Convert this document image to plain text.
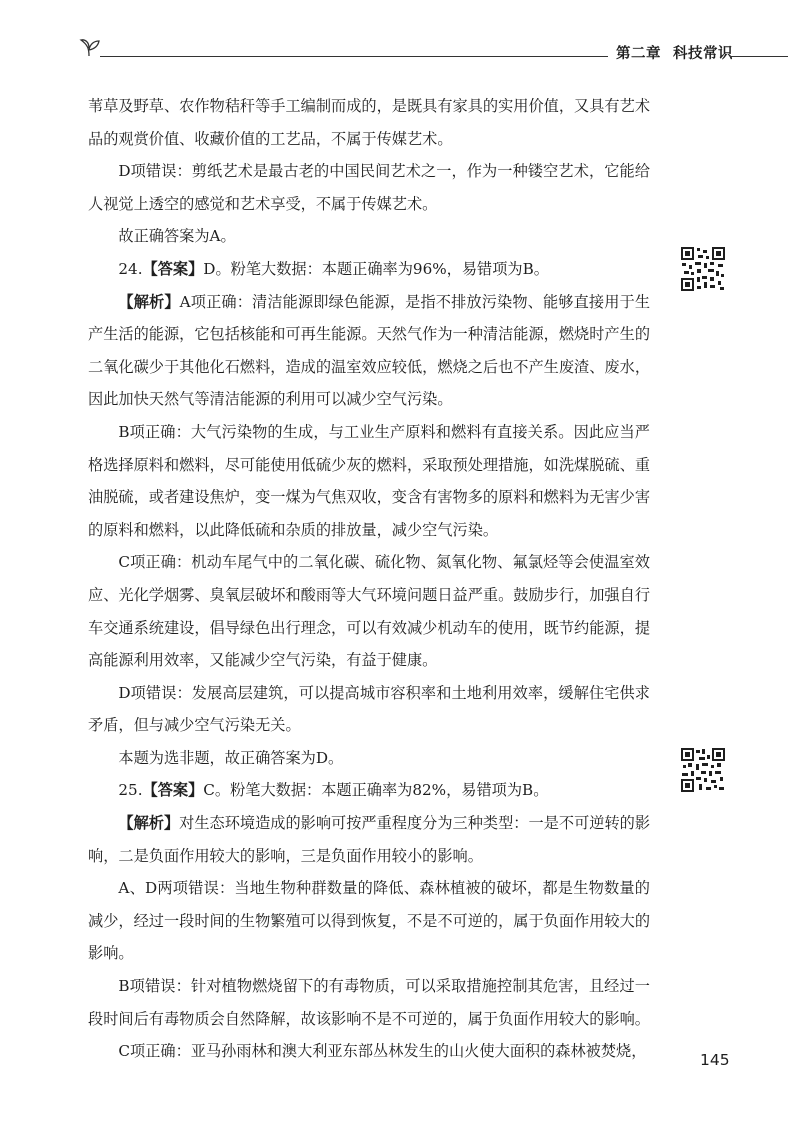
第二章 科技常识

苇草及野草、农作物秸秆等手工编制而成的，是既具有家具的实用价值，又具有艺术品的观赏价值、收藏价值的工艺品，不属于传媒艺术。

D项错误：剪纸艺术是最古老的中国民间艺术之一，作为一种镂空艺术，它能给人视觉上透空的感觉和艺术享受，不属于传媒艺术。

故正确答案为A。

24.【答案】D。粉笔大数据：本题正确率为96%，易错项为B。

【解析】A项正确：清洁能源即绿色能源，是指不排放污染物、能够直接用于生产生活的能源，它包括核能和可再生能源。天然气作为一种清洁能源，燃烧时产生的二氧化碳少于其他化石燃料，造成的温室效应较低，燃烧之后也不产生废渣、废水，因此加快天然气等清洁能源的利用可以减少空气污染。

B项正确：大气污染物的生成，与工业生产原料和燃料有直接关系。因此应当严格选择原料和燃料，尽可能使用低硫少灰的燃料，采取预处理措施，如洗煤脱硫、重油脱硫，或者建设焦炉，变一煤为气焦双收，变含有害物多的原料和燃料为无害少害的原料和燃料，以此降低硫和杂质的排放量，减少空气污染。

C项正确：机动车尾气中的二氧化碳、硫化物、氮氧化物、氟氯烃等会使温室效应、光化学烟雾、臭氧层破坏和酸雨等大气环境问题日益严重。鼓励步行，加强自行车交通系统建设，倡导绿色出行理念，可以有效减少机动车的使用，既节约能源，提高能源利用效率，又能减少空气污染，有益于健康。

D项错误：发展高层建筑，可以提高城市容积率和土地利用效率，缓解住宅供求矛盾，但与减少空气污染无关。

本题为选非题，故正确答案为D。

25.【答案】C。粉笔大数据：本题正确率为82%，易错项为B。

【解析】对生态环境造成的影响可按严重程度分为三种类型：一是不可逆转的影响，二是负面作用较大的影响，三是负面作用较小的影响。

A、D两项错误：当地生物种群数量的降低、森林植被的破坏，都是生物数量的减少，经过一段时间的生物繁殖可以得到恢复，不是不可逆的，属于负面作用较大的影响。

B项错误：针对植物燃烧留下的有毒物质，可以采取措施控制其危害，且经过一段时间后有毒物质会自然降解，故该影响不是不可逆的，属于负面作用较大的影响。

C项正确：亚马孙雨林和澳大利亚东部丛林发生的山火使大面积的森林被焚烧，	145
